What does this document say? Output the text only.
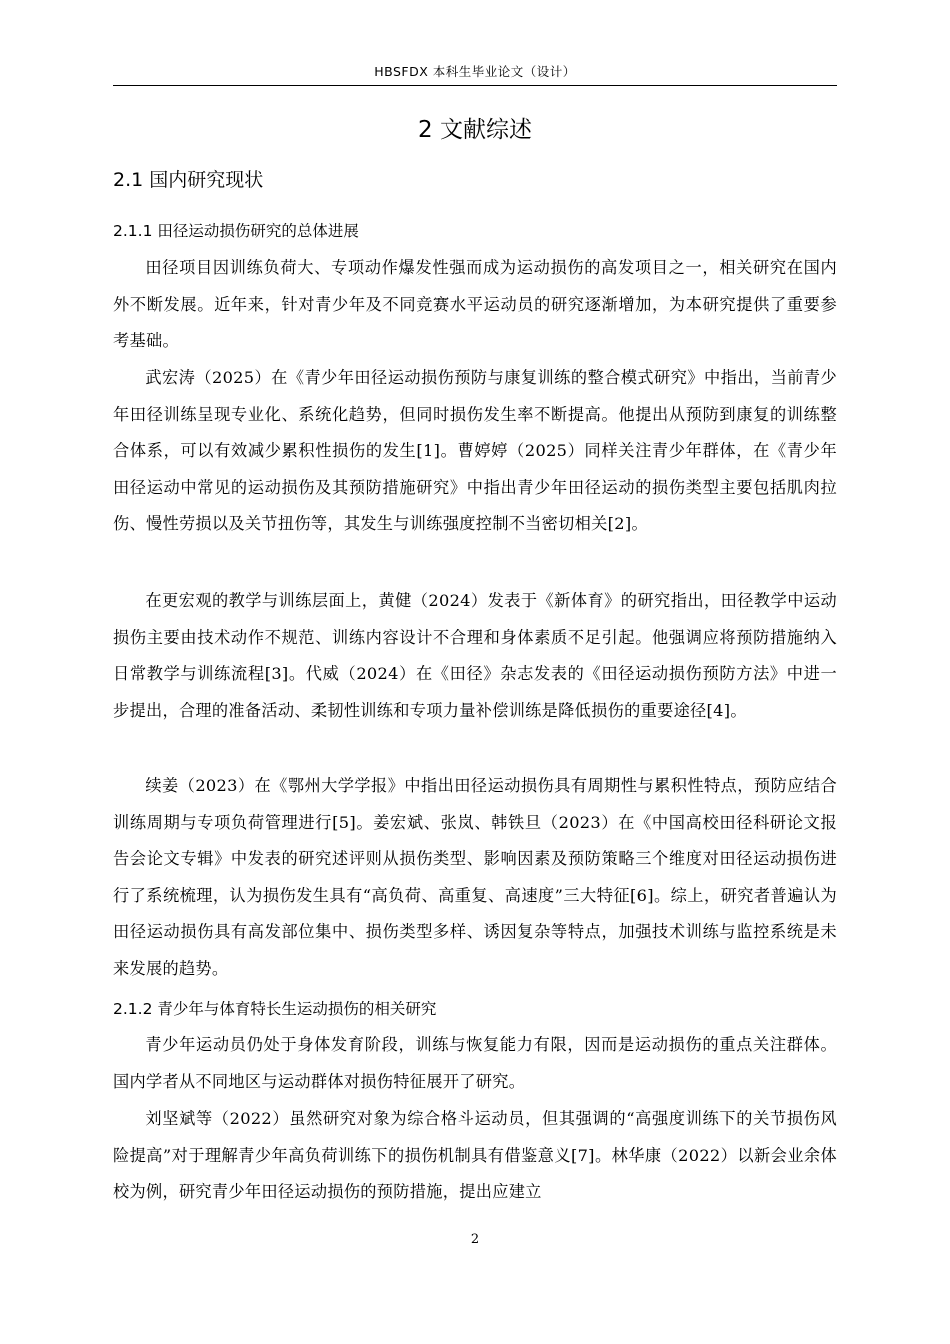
HBSFDX 本科生毕业论文（设计）
2 文献综述
2.1 国内研究现状
2.1.1 田径运动损伤研究的总体进展

田径项目因训练负荷大、专项动作爆发性强而成为运动损伤的高发项目之一，相关研究在国内外不断发展。近年来，针对青少年及不同竞赛水平运动员的研究逐渐增加，为本研究提供了重要参考基础。

武宏涛（2025）在《青少年田径运动损伤预防与康复训练的整合模式研究》中指出，当前青少年田径训练呈现专业化、系统化趋势，但同时损伤发生率不断提高。他提出从预防到康复的训练整合体系，可以有效减少累积性损伤的发生[1]。曹婷婷（2025）同样关注青少年群体，在《青少年田径运动中常见的运动损伤及其预防措施研究》中指出青少年田径运动的损伤类型主要包括肌肉拉伤、慢性劳损以及关节扭伤等，其发生与训练强度控制不当密切相关[2]。

在更宏观的教学与训练层面上，黄健（2024）发表于《新体育》的研究指出，田径教学中运动损伤主要由技术动作不规范、训练内容设计不合理和身体素质不足引起。他强调应将预防措施纳入日常教学与训练流程[3]。代威（2024）在《田径》杂志发表的《田径运动损伤预防方法》中进一步提出，合理的准备活动、柔韧性训练和专项力量补偿训练是降低损伤的重要途径[4]。

续姜（2023）在《鄂州大学学报》中指出田径运动损伤具有周期性与累积性特点，预防应结合训练周期与专项负荷管理进行[5]。姜宏斌、张岚、韩铁旦（2023）在《中国高校田径科研论文报告会论文专辑》中发表的研究述评则从损伤类型、影响因素及预防策略三个维度对田径运动损伤进行了系统梳理，认为损伤发生具有“高负荷、高重复、高速度”三大特征[6]。综上，研究者普遍认为田径运动损伤具有高发部位集中、损伤类型多样、诱因复杂等特点，加强技术训练与监控系统是未来发展的趋势。

2.1.2 青少年与体育特长生运动损伤的相关研究

青少年运动员仍处于身体发育阶段，训练与恢复能力有限，因而是运动损伤的重点关注群体。国内学者从不同地区与运动群体对损伤特征展开了研究。

刘坚斌等（2022）虽然研究对象为综合格斗运动员，但其强调的“高强度训练下的关节损伤风险提高”对于理解青少年高负荷训练下的损伤机制具有借鉴意义[7]。林华康（2022）以新会业余体校为例，研究青少年田径运动损伤的预防措施，提出应建立

2
